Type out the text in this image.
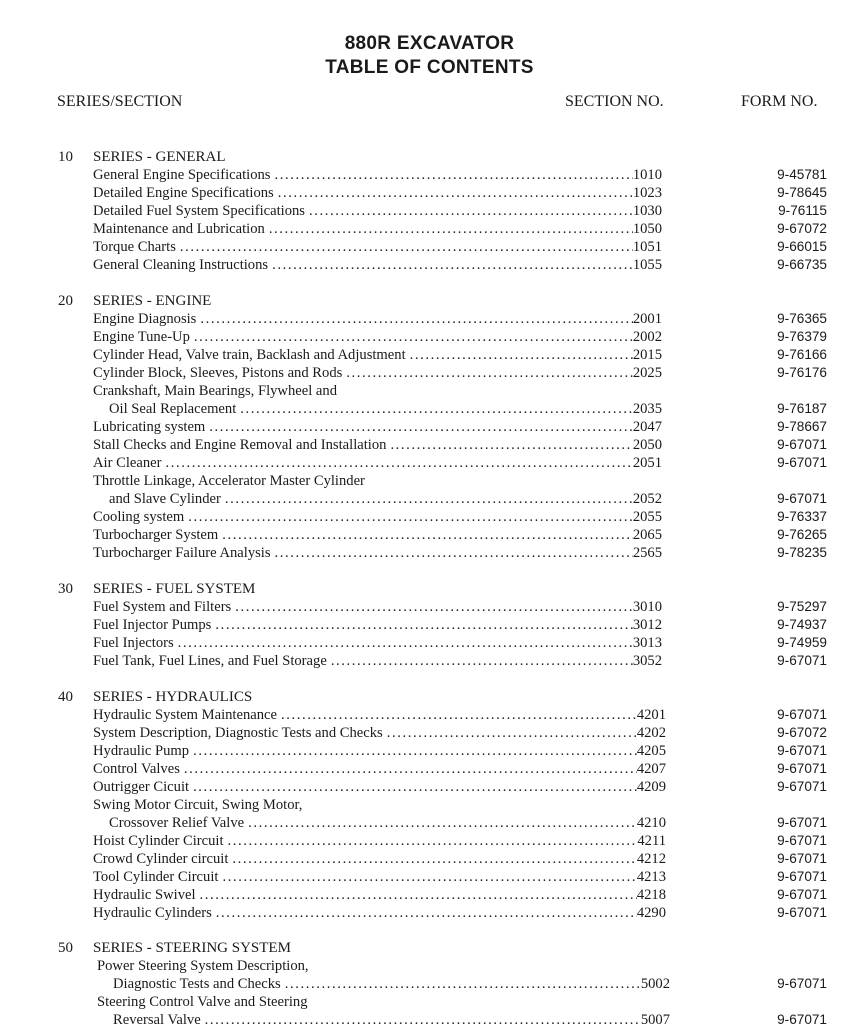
880R EXCAVATOR
TABLE OF CONTENTS
SERIES/SECTION	SECTION NO.	FORM NO.
10 SERIES - GENERAL
General Engine Specifications .....	1010	9-45781
Detailed Engine Specifications .....	1023	9-78645
Detailed Fuel System Specifications .....	1030	9-76115
Maintenance and Lubrication .....	1050	9-67072
Torque Charts .....	1051	9-66015
General Cleaning Instructions .....	1055	9-66735
20 SERIES - ENGINE
Engine Diagnosis .....	2001	9-76365
Engine Tune-Up .....	2002	9-76379
Cylinder Head, Valve train, Backlash and Adjustment .....	2015	9-76166
Cylinder Block, Sleeves, Pistons and Rods .....	2025	9-76176
Crankshaft, Main Bearings, Flywheel and
Oil Seal Replacement .....	2035	9-76187
Lubricating system .....	2047	9-78667
Stall Checks and Engine Removal and Installation .....	2050	9-67071
Air Cleaner .....	2051	9-67071
Throttle Linkage, Accelerator Master Cylinder
and Slave Cylinder .....	2052	9-67071
Cooling system .....	2055	9-76337
Turbocharger System .....	2065	9-76265
Turbocharger Failure Analysis .....	2565	9-78235
30 SERIES - FUEL SYSTEM
Fuel System and Filters .....	3010	9-75297
Fuel Injector Pumps .....	3012	9-74937
Fuel Injectors .....	3013	9-74959
Fuel Tank, Fuel Lines, and Fuel Storage .....	3052	9-67071
40 SERIES - HYDRAULICS
Hydraulic System Maintenance .....	4201	9-67071
System Description, Diagnostic Tests and Checks .....	4202	9-67072
Hydraulic Pump .....	4205	9-67071
Control Valves .....	4207	9-67071
Outrigger Cicuit .....	4209	9-67071
Swing Motor Circuit, Swing Motor,
Crossover Relief Valve .....	4210	9-67071
Hoist Cylinder Circuit .....	4211	9-67071
Crowd Cylinder circuit .....	4212	9-67071
Tool Cylinder Circuit .....	4213	9-67071
Hydraulic Swivel .....	4218	9-67071
Hydraulic Cylinders .....	4290	9-67071
50 SERIES - STEERING SYSTEM
Power Steering System Description,
Diagnostic Tests and Checks .....	5002	9-67071
Steering Control Valve and Steering
Reversal Valve .....	5007	9-67071
